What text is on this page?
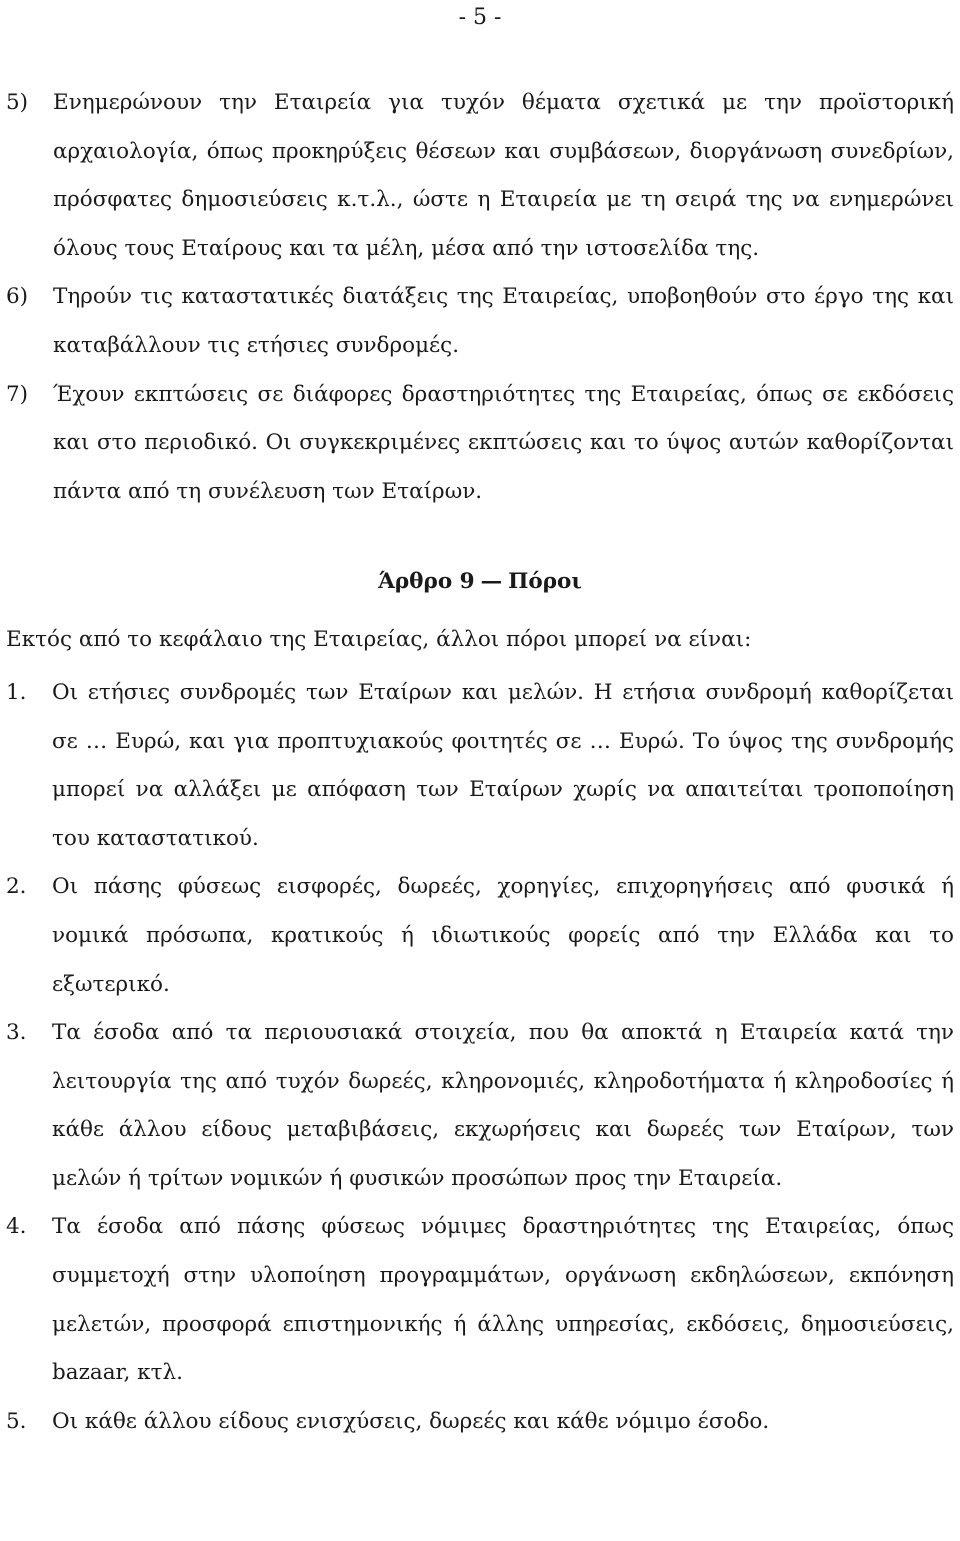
- 5 -
5)	Ενημερώνουν την Εταιρεία για τυχόν θέματα σχετικά με την προϊστορική αρχαιολογία, όπως προκηρύξεις θέσεων και συμβάσεων, διοργάνωση συνεδρίων, πρόσφατες δημοσιεύσεις κ.τ.λ., ώστε η Εταιρεία με τη σειρά της να ενημερώνει όλους τους Εταίρους και τα μέλη, μέσα από την ιστοσελίδα της.
6)	Τηρούν τις καταστατικές διατάξεις της Εταιρείας, υποβοηθούν στο έργο της και καταβάλλουν τις ετήσιες συνδρομές.
7)	Έχουν εκπτώσεις σε διάφορες δραστηριότητες της Εταιρείας, όπως σε εκδόσεις και στο περιοδικό. Οι συγκεκριμένες εκπτώσεις και το ύψος αυτών καθορίζονται πάντα από τη συνέλευση των Εταίρων.
Άρθρο 9 — Πόροι
Εκτός από το κεφάλαιο της Εταιρείας, άλλοι πόροι μπορεί να είναι:
1.	Οι ετήσιες συνδρομές των Εταίρων και μελών. Η ετήσια συνδρομή καθορίζεται σε … Ευρώ, και για προπτυχιακούς φοιτητές σε … Ευρώ. Το ύψος της συνδρομής μπορεί να αλλάξει με απόφαση των Εταίρων χωρίς να απαιτείται τροποποίηση του καταστατικού.
2.	Οι πάσης φύσεως εισφορές, δωρεές, χορηγίες, επιχορηγήσεις από φυσικά ή νομικά πρόσωπα, κρατικούς ή ιδιωτικούς φορείς από την Ελλάδα και το εξωτερικό.
3.	Τα έσοδα από τα περιουσιακά στοιχεία, που θα αποκτά η Εταιρεία κατά την λειτουργία της από τυχόν δωρεές, κληρονομιές, κληροδοτήματα ή κληροδοσίες ή κάθε άλλου είδους μεταβιβάσεις, εκχωρήσεις και δωρεές των Εταίρων, των μελών ή τρίτων νομικών ή φυσικών προσώπων προς την Εταιρεία.
4.	Τα έσοδα από πάσης φύσεως νόμιμες δραστηριότητες της Εταιρείας, όπως συμμετοχή στην υλοποίηση προγραμμάτων, οργάνωση εκδηλώσεων, εκπόνηση μελετών, προσφορά επιστημονικής ή άλλης υπηρεσίας, εκδόσεις, δημοσιεύσεις, bazaar, κτλ.
5.	Οι κάθε άλλου είδους ενισχύσεις, δωρεές και κάθε νόμιμο έσοδο.
